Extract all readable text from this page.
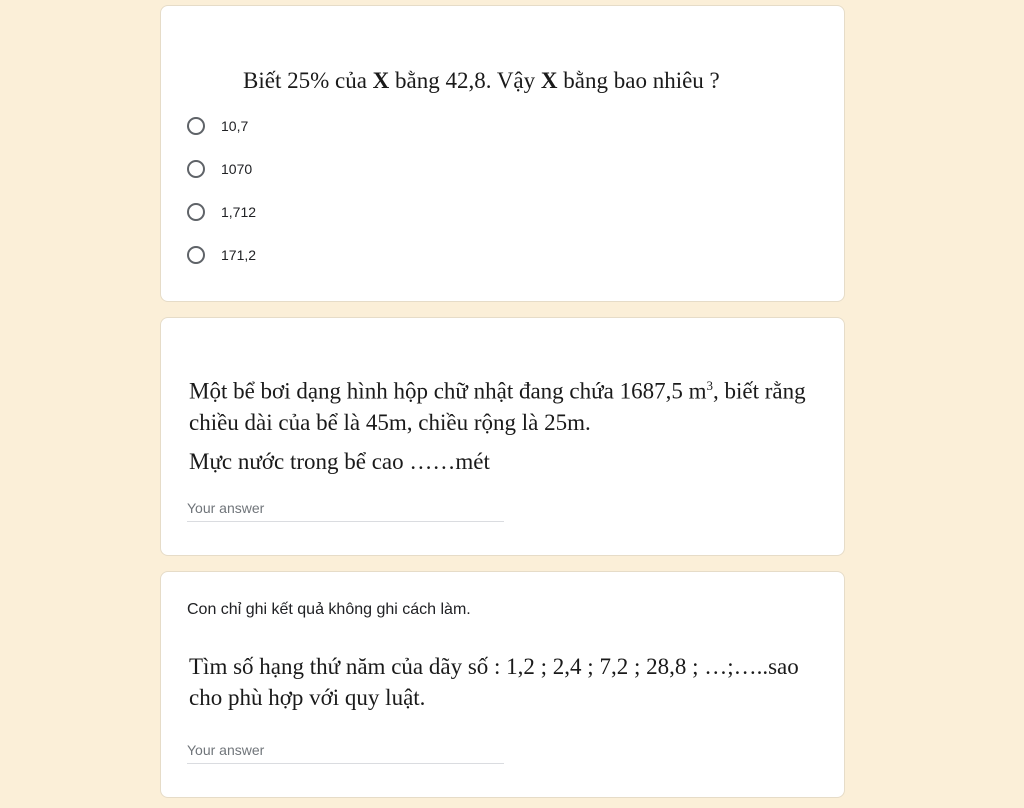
Biết 25% của X bằng 42,8. Vậy X bằng bao nhiêu ?
10,7
1070
1,712
171,2
Một bể bơi dạng hình hộp chữ nhật đang chứa 1687,5 $m^3$, biết rằng chiều dài của bể là 45m, chiều rộng là 25m.
Mực nước trong bể cao ……mét
Your answer
Con chỉ ghi kết quả không ghi cách làm.
Tìm số hạng thứ năm của dãy số : 1,2 ; 2,4 ; 7,2 ; 28,8 ; …;…..sao cho phù hợp với quy luật.
Your answer
